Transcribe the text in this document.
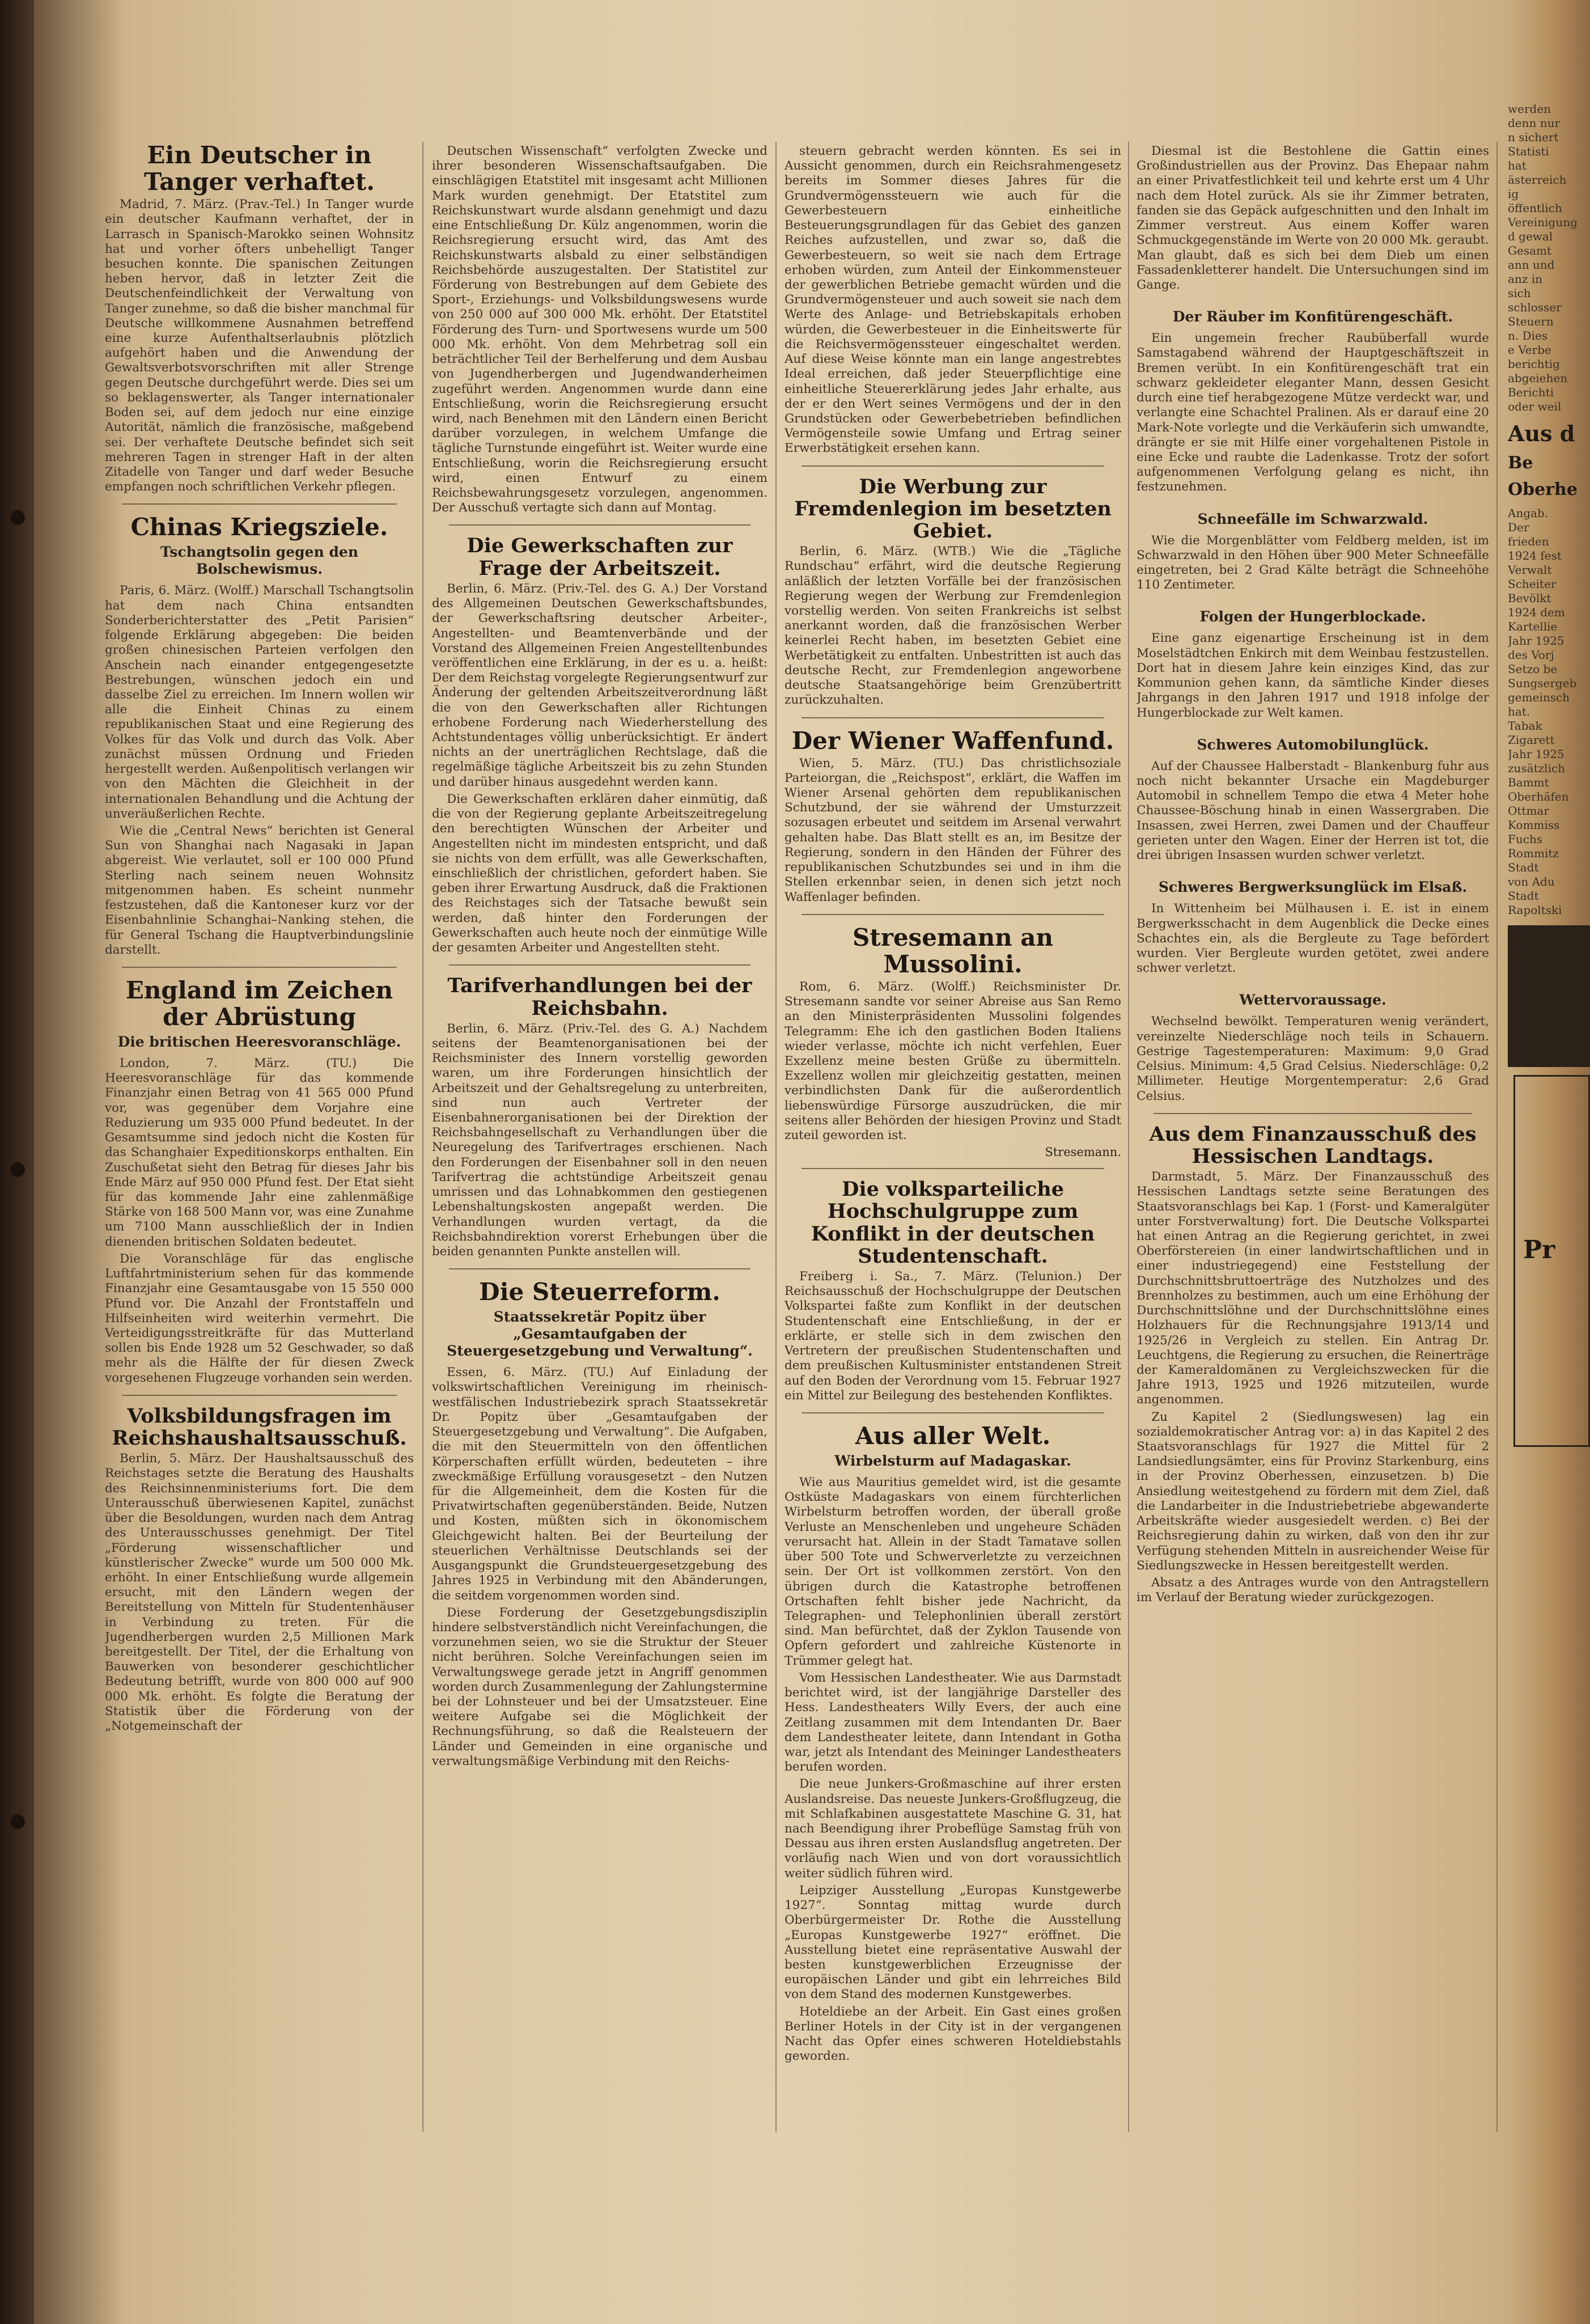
Ein Deutscher in Tanger verhaftet.

Madrid, 7. März. (Prav.-Tel.) In Tanger wurde ein deutscher Kaufmann verhaftet, der in Larrasch in Spanisch-Marokko seinen Wohnsitz hat und vorher öfters unbehelligt Tanger besuchen konnte. Die spanischen Zeitungen heben hervor, daß in letzter Zeit die Deutschenfeindlichkeit der Verwaltung von Tanger zunehme, so daß die bisher manchmal für Deutsche willkommene Ausnahmen betreffend eine kurze Aufenthaltserlaubnis plötzlich aufgehört haben und die Anwendung der Gewaltsverbotsvorschriften mit aller Strenge gegen Deutsche durchgeführt werde. Dies sei um so beklagenswerter, als Tanger internationaler Boden sei, auf dem jedoch nur eine einzige Autorität, nämlich die französische, maßgebend sei. Der verhaftete Deutsche befindet sich seit mehreren Tagen in strenger Haft in der alten Zitadelle von Tanger und darf weder Besuche empfangen noch schriftlichen Verkehr pflegen.

Chinas Kriegsziele.
Tschangtsolin gegen den Bolschewismus.

Paris, 6. März. (Wolff.) Marschall Tschangtsolin hat dem nach China entsandten Sonderberichterstatter des „Petit Parisien“ folgende Erklärung abgegeben: Die beiden großen chinesischen Parteien verfolgen den Anschein nach einander entgegengesetzte Bestrebungen, wünschen jedoch ein und dasselbe Ziel zu erreichen. Im Innern wollen wir alle die Einheit Chinas zu einem republikanischen Staat und eine Regierung des Volkes für das Volk und durch das Volk. Aber zunächst müssen Ordnung und Frieden hergestellt werden. Außenpolitisch verlangen wir von den Mächten die Gleichheit in der internationalen Behandlung und die Achtung der unveräußerlichen Rechte.

Wie die „Central News“ berichten ist General Sun von Shanghai nach Nagasaki in Japan abgereist. Wie verlautet, soll er 100 000 Pfund Sterling nach seinem neuen Wohnsitz mitgenommen haben. Es scheint nunmehr festzustehen, daß die Kantoneser kurz vor der Eisenbahnlinie Schanghai–Nanking stehen, die für General Tschang die Hauptverbindungslinie darstellt.

England im Zeichen der Abrüstung
Die britischen Heeresvoranschläge.

London, 7. März. (TU.) Die Heeresvoranschläge für das kommende Finanzjahr einen Betrag von 41 565 000 Pfund vor, was gegenüber dem Vorjahre eine Reduzierung um 935 000 Pfund bedeutet. In der Gesamtsumme sind jedoch nicht die Kosten für das Schanghaier Expeditionskorps enthalten. Ein Zuschußetat sieht den Betrag für dieses Jahr bis Ende März auf 950 000 Pfund fest. Der Etat sieht für das kommende Jahr eine zahlenmäßige Stärke von 168 500 Mann vor, was eine Zunahme um 7100 Mann ausschließlich der in Indien dienenden britischen Soldaten bedeutet.

Die Voranschläge für das englische Luftfahrtministerium sehen für das kommende Finanzjahr eine Gesamtausgabe von 15 550 000 Pfund vor. Die Anzahl der Frontstaffeln und Hilfseinheiten wird weiterhin vermehrt. Die Verteidigungsstreitkräfte für das Mutterland sollen bis Ende 1928 um 52 Geschwader, so daß mehr als die Hälfte der für diesen Zweck vorgesehenen Flugzeuge vorhanden sein werden.

Volksbildungsfragen im Reichshaushaltsausschuß.

Berlin, 5. März. Der Haushaltsausschuß des Reichstages setzte die Beratung des Haushalts des Reichsinnenministeriums fort. Die dem Unterausschuß überwiesenen Kapitel, zunächst über die Besoldungen, wurden nach dem Antrag des Unterausschusses genehmigt. Der Titel „Förderung wissenschaftlicher und künstlerischer Zwecke“ wurde um 500 000 Mk. erhöht. In einer Entschließung wurde allgemein ersucht, mit den Ländern wegen der Bereitstellung von Mitteln für Studentenhäuser in Verbindung zu treten. Für die Jugendherbergen wurden 2,5 Millionen Mark bereitgestellt. Der Titel, der die Erhaltung von Bauwerken von besonderer geschichtlicher Bedeutung betrifft, wurde von 800 000 auf 900 000 Mk. erhöht. Es folgte die Beratung der Statistik über die Förderung von der „Notgemeinschaft der

Deutschen Wissenschaft“ verfolgten Zwecke und ihrer besonderen Wissenschaftsaufgaben. Die einschlägigen Etatstitel mit insgesamt acht Millionen Mark wurden genehmigt. Der Etatstitel zum Reichskunstwart wurde alsdann genehmigt und dazu eine Entschließung Dr. Külz angenommen, worin die Reichsregierung ersucht wird, das Amt des Reichskunstwarts alsbald zu einer selbständigen Reichsbehörde auszugestalten. Der Statistitel zur Förderung von Bestrebungen auf dem Gebiete des Sport-, Erziehungs- und Volksbildungswesens wurde von 250 000 auf 300 000 Mk. erhöht. Der Etatstitel Förderung des Turn- und Sportwesens wurde um 500 000 Mk. erhöht. Von dem Mehrbetrag soll ein beträchtlicher Teil der Berhelferung und dem Ausbau von Jugendherbergen und Jugendwanderheimen zugeführt werden. Angenommen wurde dann eine Entschließung, worin die Reichsregierung ersucht wird, nach Benehmen mit den Ländern einen Bericht darüber vorzulegen, in welchem Umfange die tägliche Turnstunde eingeführt ist. Weiter wurde eine Entschließung, worin die Reichsregierung ersucht wird, einen Entwurf zu einem Reichsbewahrungsgesetz vorzulegen, angenommen. Der Ausschuß vertagte sich dann auf Montag.

Die Gewerkschaften zur Frage der Arbeitszeit.

Berlin, 6. März. (Priv.-Tel. des G. A.) Der Vorstand des Allgemeinen Deutschen Gewerkschaftsbundes, der Gewerkschaftsring deutscher Arbeiter-, Angestellten- und Beamtenverbände und der Vorstand des Allgemeinen Freien Angestelltenbundes veröffentlichen eine Erklärung, in der es u. a. heißt: Der dem Reichstag vorgelegte Regierungsentwurf zur Änderung der geltenden Arbeitszeitverordnung läßt die von den Gewerkschaften aller Richtungen erhobene Forderung nach Wiederherstellung des Achtstundentages völlig unberücksichtigt. Er ändert nichts an der unerträglichen Rechtslage, daß die regelmäßige tägliche Arbeitszeit bis zu zehn Stunden und darüber hinaus ausgedehnt werden kann.

Die Gewerkschaften erklären daher einmütig, daß die von der Regierung geplante Arbeitszeitregelung den berechtigten Wünschen der Arbeiter und Angestellten nicht im mindesten entspricht, und daß sie nichts von dem erfüllt, was alle Gewerkschaften, einschließlich der christlichen, gefordert haben. Sie geben ihrer Erwartung Ausdruck, daß die Fraktionen des Reichstages sich der Tatsache bewußt sein werden, daß hinter den Forderungen der Gewerkschaften auch heute noch der einmütige Wille der gesamten Arbeiter und Angestellten steht.

Tarifverhandlungen bei der Reichsbahn.

Berlin, 6. März. (Priv.-Tel. des G. A.) Nachdem seitens der Beamtenorganisationen bei der Reichsminister des Innern vorstellig geworden waren, um ihre Forderungen hinsichtlich der Arbeitszeit und der Gehaltsregelung zu unterbreiten, sind nun auch Vertreter der Eisenbahnerorganisationen bei der Direktion der Reichsbahngesellschaft zu Verhandlungen über die Neuregelung des Tarifvertrages erschienen. Nach den Forderungen der Eisenbahner soll in den neuen Tarifvertrag die achtstündige Arbeitszeit genau umrissen und das Lohnabkommen den gestiegenen Lebenshaltungskosten angepaßt werden. Die Verhandlungen wurden vertagt, da die Reichsbahndirektion vorerst Erhebungen über die beiden genannten Punkte anstellen will.

Die Steuerreform.
Staatssekretär Popitz über „Gesamtaufgaben der Steuergesetzgebung und Verwaltung“.

Essen, 6. März. (TU.) Auf Einladung der volkswirtschaftlichen Vereinigung im rheinisch-westfälischen Industriebezirk sprach Staatssekretär Dr. Popitz über „Gesamtaufgaben der Steuergesetzgebung und Verwaltung“. Die Aufgaben, die mit den Steuermitteln von den öffentlichen Körperschaften erfüllt würden, bedeuteten – ihre zweckmäßige Erfüllung vorausgesetzt – den Nutzen für die Allgemeinheit, dem die Kosten für die Privatwirtschaften gegenüberständen. Beide, Nutzen und Kosten, müßten sich in ökonomischem Gleichgewicht halten. Bei der Beurteilung der steuerlichen Verhältnisse Deutschlands sei der Ausgangspunkt die Grundsteuergesetzgebung des Jahres 1925 in Verbindung mit den Abänderungen, die seitdem vorgenommen worden sind.

Diese Forderung der Gesetzgebungsdisziplin hindere selbstverständlich nicht Vereinfachungen, die vorzunehmen seien, wo sie die Struktur der Steuer nicht berühren. Solche Vereinfachungen seien im Verwaltungswege gerade jetzt in Angriff genommen worden durch Zusammenlegung der Zahlungstermine bei der Lohnsteuer und bei der Umsatzsteuer. Eine weitere Aufgabe sei die Möglichkeit der Rechnungsführung, so daß die Realsteuern der Länder und Gemeinden in eine organische und verwaltungsmäßige Verbindung mit den Reichs-

steuern gebracht werden könnten. Es sei in Aussicht genommen, durch ein Reichsrahmengesetz bereits im Sommer dieses Jahres für die Grundvermögenssteuern wie auch für die Gewerbesteuern einheitliche Besteuerungsgrundlagen für das Gebiet des ganzen Reiches aufzustellen, und zwar so, daß die Gewerbesteuern, so weit sie nach dem Ertrage erhoben würden, zum Anteil der Einkommensteuer der gewerblichen Betriebe gemacht würden und die Grundvermögensteuer und auch soweit sie nach dem Werte des Anlage- und Betriebskapitals erhoben würden, die Gewerbesteuer in die Einheitswerte für die Reichsvermögenssteuer eingeschaltet werden. Auf diese Weise könnte man ein lange angestrebtes Ideal erreichen, daß jeder Steuerpflichtige eine einheitliche Steuererklärung jedes Jahr erhalte, aus der er den Wert seines Vermögens und der in den Grundstücken oder Gewerbebetrieben befindlichen Vermögensteile sowie Umfang und Ertrag seiner Erwerbstätigkeit ersehen kann.

Die Werbung zur Fremdenlegion im besetzten Gebiet.

Berlin, 6. März. (WTB.) Wie die „Tägliche Rundschau“ erfährt, wird die deutsche Regierung anläßlich der letzten Vorfälle bei der französischen Regierung wegen der Werbung zur Fremdenlegion vorstellig werden. Von seiten Frankreichs ist selbst anerkannt worden, daß die französischen Werber keinerlei Recht haben, im besetzten Gebiet eine Werbetätigkeit zu entfalten. Unbestritten ist auch das deutsche Recht, zur Fremdenlegion angeworbene deutsche Staatsangehörige beim Grenzübertritt zurückzuhalten.

Der Wiener Waffenfund.

Wien, 5. März. (TU.) Das christlichsoziale Parteiorgan, die „Reichspost“, erklärt, die Waffen im Wiener Arsenal gehörten dem republikanischen Schutzbund, der sie während der Umsturzzeit sozusagen erbeutet und seitdem im Arsenal verwahrt gehalten habe. Das Blatt stellt es an, im Besitze der Regierung, sondern in den Händen der Führer des republikanischen Schutzbundes sei und in ihm die Stellen erkennbar seien, in denen sich jetzt noch Waffenlager befinden.

Stresemann an Mussolini.

Rom, 6. März. (Wolff.) Reichsminister Dr. Stresemann sandte vor seiner Abreise aus San Remo an den Ministerpräsidenten Mussolini folgendes Telegramm: Ehe ich den gastlichen Boden Italiens wieder verlasse, möchte ich nicht verfehlen, Euer Exzellenz meine besten Grüße zu übermitteln. Exzellenz wollen mir gleichzeitig gestatten, meinen verbindlichsten Dank für die außerordentlich liebenswürdige Fürsorge auszudrücken, die mir seitens aller Behörden der hiesigen Provinz und Stadt zuteil geworden ist.

Stresemann.
Die volksparteiliche Hochschulgruppe zum Konflikt in der deutschen Studentenschaft.

Freiberg i. Sa., 7. März. (Telunion.) Der Reichsausschuß der Hochschulgruppe der Deutschen Volkspartei faßte zum Konflikt in der deutschen Studentenschaft eine Entschließung, in der er erklärte, er stelle sich in dem zwischen den Vertretern der preußischen Studentenschaften und dem preußischen Kultusminister entstandenen Streit auf den Boden der Verordnung vom 15. Februar 1927 ein Mittel zur Beilegung des bestehenden Konfliktes.

Aus aller Welt.
Wirbelsturm auf Madagaskar.

Wie aus Mauritius gemeldet wird, ist die gesamte Ostküste Madagaskars von einem fürchterlichen Wirbelsturm betroffen worden, der überall große Verluste an Menschenleben und ungeheure Schäden verursacht hat. Allein in der Stadt Tamatave sollen über 500 Tote und Schwerverletzte zu verzeichnen sein. Der Ort ist vollkommen zerstört. Von den übrigen durch die Katastrophe betroffenen Ortschaften fehlt bisher jede Nachricht, da Telegraphen- und Telephonlinien überall zerstört sind. Man befürchtet, daß der Zyklon Tausende von Opfern gefordert und zahlreiche Küstenorte in Trümmer gelegt hat.

Vom Hessischen Landestheater. Wie aus Darmstadt berichtet wird, ist der langjährige Darsteller des Hess. Landestheaters Willy Evers, der auch eine Zeitlang zusammen mit dem Intendanten Dr. Baer dem Landestheater leitete, dann Intendant in Gotha war, jetzt als Intendant des Meininger Landestheaters berufen worden.

Die neue Junkers-Großmaschine auf ihrer ersten Auslandsreise. Das neueste Junkers-Großflugzeug, die mit Schlafkabinen ausgestattete Maschine G. 31, hat nach Beendigung ihrer Probeflüge Samstag früh von Dessau aus ihren ersten Auslandsflug angetreten. Der vorläufig nach Wien und von dort voraussichtlich weiter südlich führen wird.

Leipziger Ausstellung „Europas Kunstgewerbe 1927“. Sonntag mittag wurde durch Oberbürgermeister Dr. Rothe die Ausstellung „Europas Kunstgewerbe 1927“ eröffnet. Die Ausstellung bietet eine repräsentative Auswahl der besten kunstgewerblichen Erzeugnisse der europäischen Länder und gibt ein lehrreiches Bild von dem Stand des modernen Kunstgewerbes.

Hoteldiebe an der Arbeit. Ein Gast eines großen Berliner Hotels in der City ist in der vergangenen Nacht das Opfer eines schweren Hoteldiebstahls geworden.

Diesmal ist die Bestohlene die Gattin eines Großindustriellen aus der Provinz. Das Ehepaar nahm an einer Privatfestlichkeit teil und kehrte erst um 4 Uhr nach dem Hotel zurück. Als sie ihr Zimmer betraten, fanden sie das Gepäck aufgeschnitten und den Inhalt im Zimmer verstreut. Aus einem Koffer waren Schmuckgegenstände im Werte von 20 000 Mk. geraubt. Man glaubt, daß es sich bei dem Dieb um einen Fassadenkletterer handelt. Die Untersuchungen sind im Gange.

Der Räuber im Konfitürengeschäft.

Ein ungemein frecher Raubüberfall wurde Samstagabend während der Hauptgeschäftszeit in Bremen verübt. In ein Konfitürengeschäft trat ein schwarz gekleideter eleganter Mann, dessen Gesicht durch eine tief herabgezogene Mütze verdeckt war, und verlangte eine Schachtel Pralinen. Als er darauf eine 20 Mark-Note vorlegte und die Verkäuferin sich umwandte, drängte er sie mit Hilfe einer vorgehaltenen Pistole in eine Ecke und raubte die Ladenkasse. Trotz der sofort aufgenommenen Verfolgung gelang es nicht, ihn festzunehmen.

Schneefälle im Schwarzwald.

Wie die Morgenblätter vom Feldberg melden, ist im Schwarzwald in den Höhen über 900 Meter Schneefälle eingetreten, bei 2 Grad Kälte beträgt die Schneehöhe 110 Zentimeter.

Folgen der Hungerblockade.

Eine ganz eigenartige Erscheinung ist in dem Moselstädtchen Enkirch mit dem Weinbau festzustellen. Dort hat in diesem Jahre kein einziges Kind, das zur Kommunion gehen kann, da sämtliche Kinder dieses Jahrgangs in den Jahren 1917 und 1918 infolge der Hungerblockade zur Welt kamen.

Schweres Automobilunglück.

Auf der Chaussee Halberstadt – Blankenburg fuhr aus noch nicht bekannter Ursache ein Magdeburger Automobil in schnellem Tempo die etwa 4 Meter hohe Chaussee-Böschung hinab in einen Wassergraben. Die Insassen, zwei Herren, zwei Damen und der Chauffeur gerieten unter den Wagen. Einer der Herren ist tot, die drei übrigen Insassen wurden schwer verletzt.

Schweres Bergwerksunglück im Elsaß.

In Wittenheim bei Mülhausen i. E. ist in einem Bergwerksschacht in dem Augenblick die Decke eines Schachtes ein, als die Bergleute zu Tage befördert wurden. Vier Bergleute wurden getötet, zwei andere schwer verletzt.

Wettervoraussage.

Wechselnd bewölkt. Temperaturen wenig verändert, vereinzelte Niederschläge noch teils in Schauern. Gestrige Tagestemperaturen: Maximum: 9,0 Grad Celsius. Minimum: 4,5 Grad Celsius. Niederschläge: 0,2 Millimeter. Heutige Morgentemperatur: 2,6 Grad Celsius.

Aus dem Finanzausschuß des Hessischen Landtags.

Darmstadt, 5. März. Der Finanzausschuß des Hessischen Landtags setzte seine Beratungen des Staatsvoranschlags bei Kap. 1 (Forst- und Kameralgüter unter Forstverwaltung) fort. Die Deutsche Volkspartei hat einen Antrag an die Regierung gerichtet, in zwei Oberförstereien (in einer landwirtschaftlichen und in einer industriegegend) eine Feststellung der Durchschnittsbruttoerträge des Nutzholzes und des Brennholzes zu bestimmen, auch um eine Erhöhung der Durchschnittslöhne und der Durchschnittslöhne eines Holzhauers für die Rechnungsjahre 1913/14 und 1925/26 in Vergleich zu stellen. Ein Antrag Dr. Leuchtgens, die Regierung zu ersuchen, die Reinerträge der Kameraldomänen zu Vergleichszwecken für die Jahre 1913, 1925 und 1926 mitzuteilen, wurde angenommen.

Zu Kapitel 2 (Siedlungswesen) lag ein sozialdemokratischer Antrag vor: a) in das Kapitel 2 des Staatsvoranschlags für 1927 die Mittel für 2 Landsiedlungsämter, eins für Provinz Starkenburg, eins in der Provinz Oberhessen, einzusetzen. b) Die Ansiedlung weitestgehend zu fördern mit dem Ziel, daß die Landarbeiter in die Industriebetriebe abgewanderte Arbeitskräfte wieder ausgesiedelt werden. c) Bei der Reichsregierung dahin zu wirken, daß von den ihr zur Verfügung stehenden Mitteln in ausreichender Weise für Siedlungszwecke in Hessen bereitgestellt werden.

Absatz a des Antrages wurde von den Antragstellern im Verlauf der Beratung wieder zurückgezogen.

werden
denn nur
n sichert
Statisti
hat
ästerreich
ig
öffentlich
Vereinigung
d gewal
Gesamt
ann und
anz in
sich
schlosser
Steuern
n. Dies
e Verbe
berichtig
abgeiehen
Berichti
oder weil
Aus d
Be
Oberhe
Angab.
Der
frieden
1924 fest
Verwalt
Scheiter
Bevölkt
1924 dem
Kartellie
Jahr 1925
des Vorj
Setzo be
Sungsergeb
gemeinsch
hat.
Tabak
Zigarett
Jahr 1925
zusätzlich
Bammt
Oberhäfen
Ottmar
Kommiss
Fuchs
Rommitz
Stadt
von Adu
Stadt
Rapoltski
Pr
